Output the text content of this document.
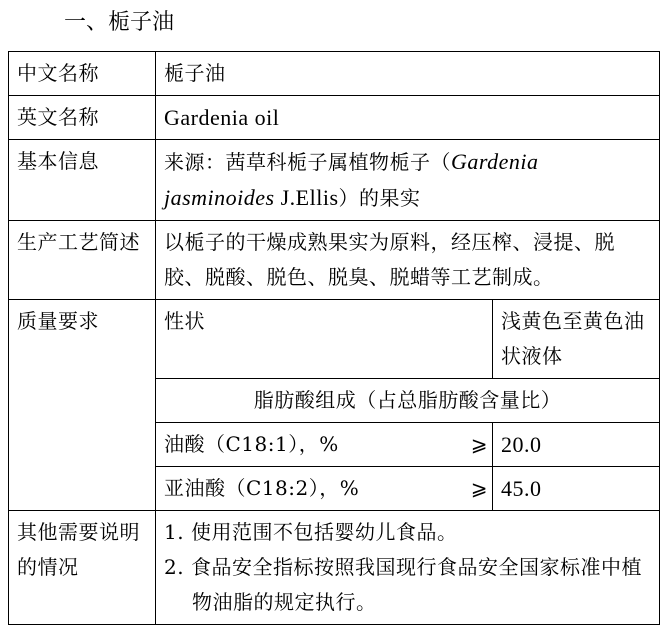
一、栀子油
中文名称	栀子油	
英文名称	Gardenia oil	
基本信息	来源：茜草科栀子属植物栀子（Gardenia
jasminoides J.Ellis）的果实	
生产工艺简述	以栀子的干燥成熟果实为原料，经压榨、浸提、脱胶、脱酸、脱色、脱臭、脱蜡等工艺制成。	
质量要求	性状	浅黄色至黄色油状液体
	脂肪酸组成（占总脂肪酸含量比）	
	油酸（C18:1），% ⩾	20.0
	亚油酸（C18:2），% ⩾	45.0
其他需要说明的情况	1. 使用范围不包括婴幼儿食品。
2. 食品安全指标按照我国现行食品安全国家标准中植物油脂的规定执行。	
